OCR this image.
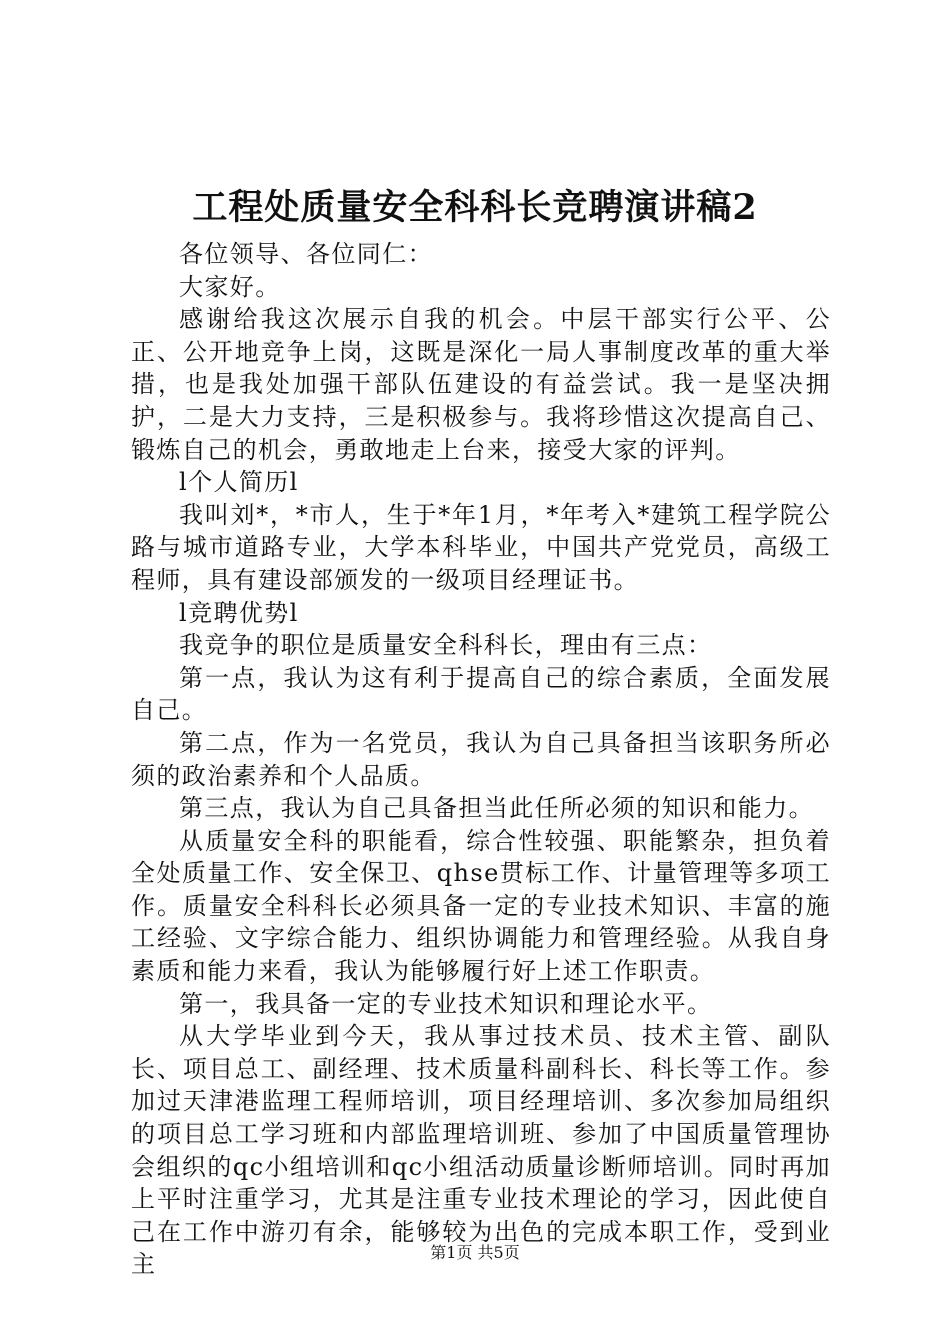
工程处质量安全科科长竞聘演讲稿2

各位领导、各位同仁：

大家好。

感谢给我这次展示自我的机会。中层干部实行公平、公正、公开地竞争上岗，这既是深化一局人事制度改革的重大举措，也是我处加强干部队伍建设的有益尝试。我一是坚决拥护，二是大力支持，三是积极参与。我将珍惜这次提高自己、锻炼自己的机会，勇敢地走上台来，接受大家的评判。

l个人简历l

我叫刘*，*市人，生于*年1月，*年考入*建筑工程学院公路与城市道路专业，大学本科毕业，中国共产党党员，高级工程师，具有建设部颁发的一级项目经理证书。

l竞聘优势l

我竞争的职位是质量安全科科长，理由有三点：

第一点，我认为这有利于提高自己的综合素质，全面发展自己。

第二点，作为一名党员，我认为自己具备担当该职务所必须的政治素养和个人品质。

第三点，我认为自己具备担当此任所必须的知识和能力。

从质量安全科的职能看，综合性较强、职能繁杂，担负着全处质量工作、安全保卫、qhse贯标工作、计量管理等多项工作。质量安全科科长必须具备一定的专业技术知识、丰富的施工经验、文字综合能力、组织协调能力和管理经验。从我自身素质和能力来看，我认为能够履行好上述工作职责。

第一，我具备一定的专业技术知识和理论水平。

从大学毕业到今天，我从事过技术员、技术主管、副队长、项目总工、副经理、技术质量科副科长、科长等工作。参加过天津港监理工程师培训，项目经理培训、多次参加局组织的项目总工学习班和内部监理培训班、参加了中国质量管理协会组织的qc小组培训和qc小组活动质量诊断师培训。同时再加上平时注重学习，尤其是注重专业技术理论的学习，因此使自己在工作中游刃有余，能够较为出色的完成本职工作，受到业主	第1页 共5页
